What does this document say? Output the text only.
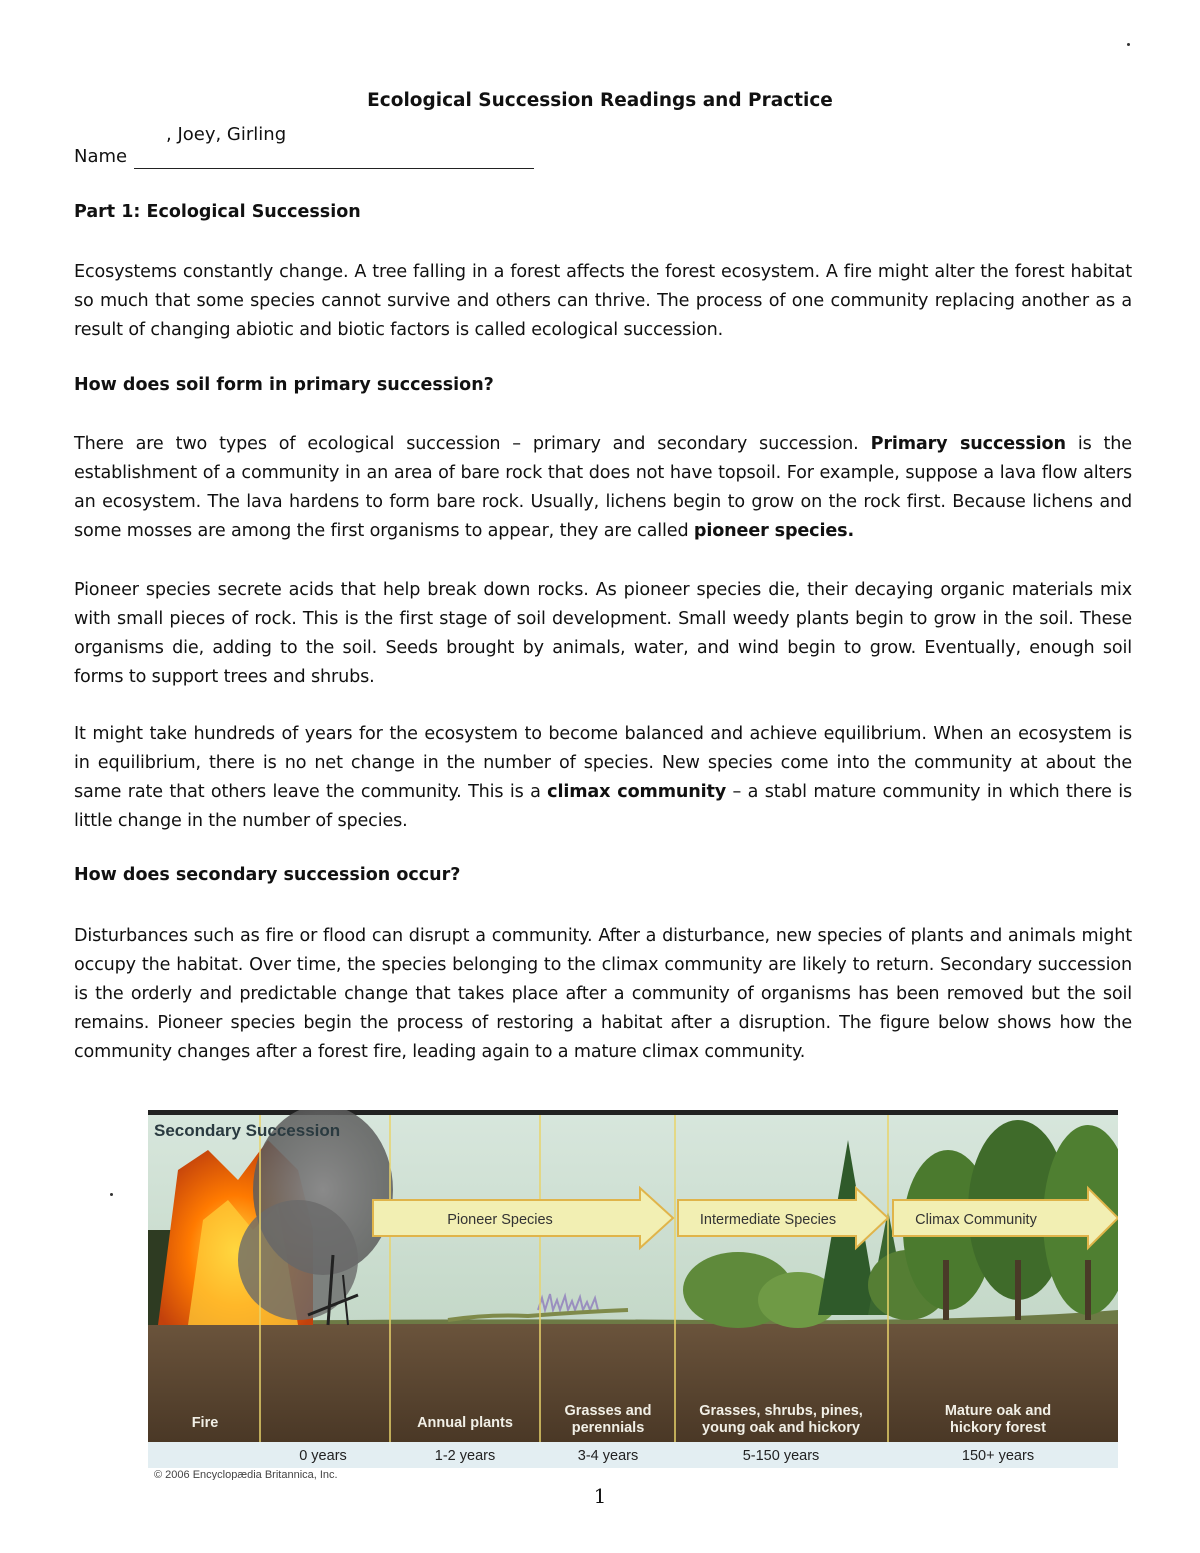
Ecological Succession Readings and Practice
Name
, Joey, Girling
Part 1: Ecological Succession

Ecosystems constantly change. A tree falling in a forest affects the forest ecosystem. A fire might alter the forest habitat so much that some species cannot survive and others can thrive. The process of one community replacing another as a result of changing abiotic and biotic factors is called ecological succession.

How does soil form in primary succession?

There are two types of ecological succession – primary and secondary succession. Primary succession is the establishment of a community in an area of bare rock that does not have topsoil. For example, suppose a lava flow alters an ecosystem. The lava hardens to form bare rock. Usually, lichens begin to grow on the rock first. Because lichens and some mosses are among the first organisms to appear, they are called pioneer species.

Pioneer species secrete acids that help break down rocks. As pioneer species die, their decaying organic materials mix with small pieces of rock. This is the first stage of soil development. Small weedy plants begin to grow in the soil. These organisms die, adding to the soil. Seeds brought by animals, water, and wind begin to grow. Eventually, enough soil forms to support trees and shrubs.

It might take hundreds of years for the ecosystem to become balanced and achieve equilibrium. When an ecosystem is in equilibrium, there is no net change in the number of species. New species come into the community at about the same rate that others leave the community. This is a climax community – a stabl mature community in which there is little change in the number of species.

How does secondary succession occur?

Disturbances such as fire or flood can disrupt a community. After a disturbance, new species of plants and animals might occupy the habitat. Over time, the species belonging to the climax community are likely to return. Secondary succession is the orderly and predictable change that takes place after a community of organisms has been removed but the soil remains. Pioneer species begin the process of restoring a habitat after a disruption. The figure below shows how the community changes after a forest fire, leading again to a mature climax community.

Pioneer Species	Intermediate Species	Climax Community
Secondary Succession
Fire	Annual plants
Grasses and
perennials
Grasses, shrubs, pines,
young oak and hickory
Mature oak and
hickory forest
0 years	1-2 years	3-4 years	5-150 years	150+ years
© 2006 Encyclopædia Britannica, Inc.
1
